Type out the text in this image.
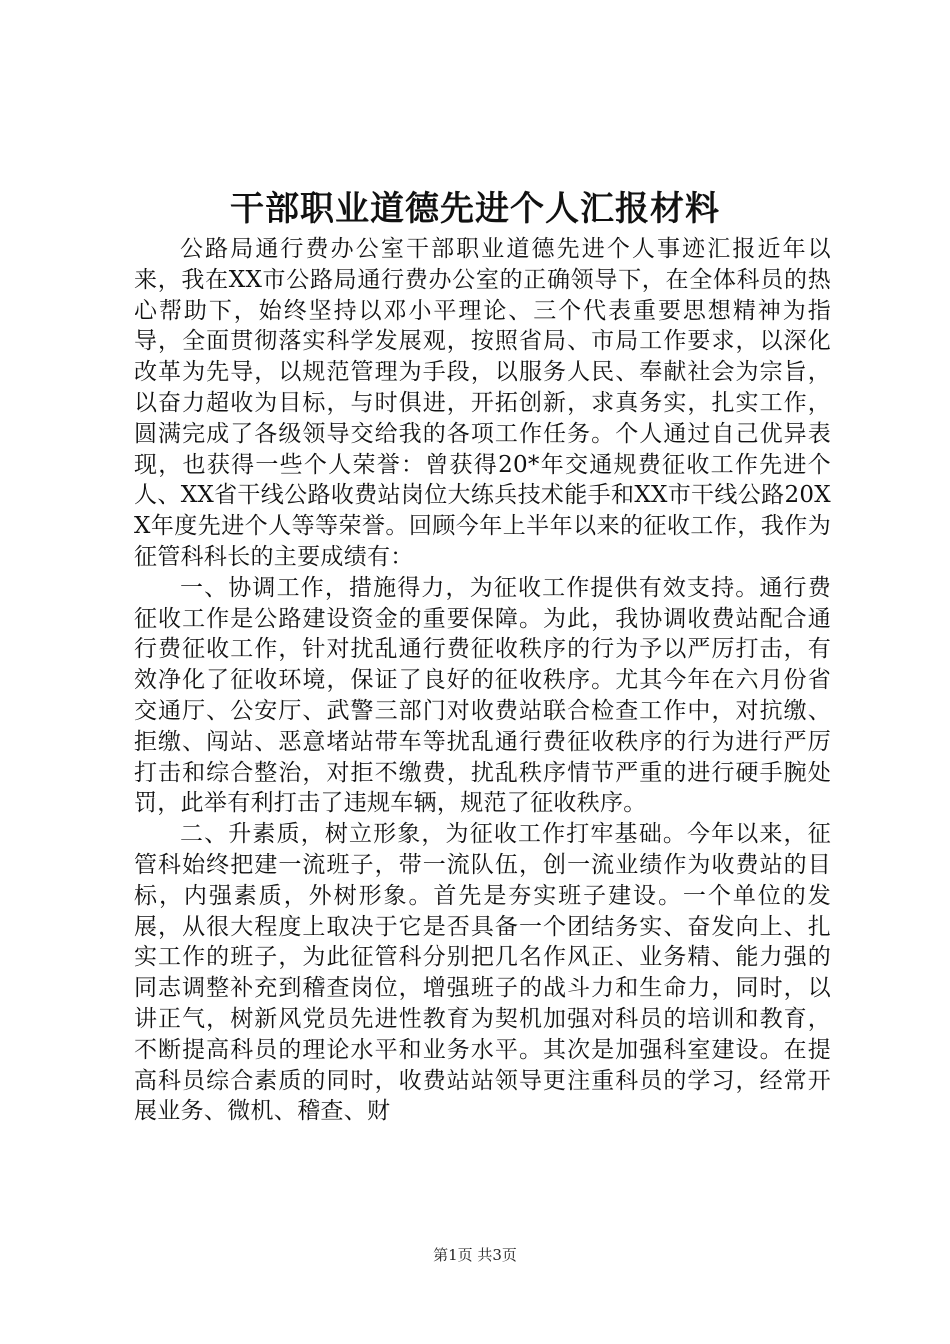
干部职业道德先进个人汇报材料

公路局通行费办公室干部职业道德先进个人事迹汇报近年以来，我在XX市公路局通行费办公室的正确领导下，在全体科员的热心帮助下，始终坚持以邓小平理论、三个代表重要思想精神为指导，全面贯彻落实科学发展观，按照省局、市局工作要求，以深化改革为先导，以规范管理为手段，以服务人民、奉献社会为宗旨，以奋力超收为目标，与时俱进，开拓创新，求真务实，扎实工作，圆满完成了各级领导交给我的各项工作任务。个人通过自己优异表现，也获得一些个人荣誉：曾获得20*年交通规费征收工作先进个人、XX省干线公路收费站岗位大练兵技术能手和XX市干线公路20XX年度先进个人等等荣誉。回顾今年上半年以来的征收工作，我作为征管科科长的主要成绩有：

一、协调工作，措施得力，为征收工作提供有效支持。通行费征收工作是公路建设资金的重要保障。为此，我协调收费站配合通行费征收工作，针对扰乱通行费征收秩序的行为予以严厉打击，有效净化了征收环境，保证了良好的征收秩序。尤其今年在六月份省交通厅、公安厅、武警三部门对收费站联合检查工作中，对抗缴、拒缴、闯站、恶意堵站带车等扰乱通行费征收秩序的行为进行严厉打击和综合整治，对拒不缴费，扰乱秩序情节严重的进行硬手腕处罚，此举有利打击了违规车辆，规范了征收秩序。

二、升素质，树立形象，为征收工作打牢基础。今年以来，征管科始终把建一流班子，带一流队伍，创一流业绩作为收费站的目标，内强素质，外树形象。首先是夯实班子建设。一个单位的发展，从很大程度上取决于它是否具备一个团结务实、奋发向上、扎实工作的班子，为此征管科分别把几名作风正、业务精、能力强的同志调整补充到稽查岗位，增强班子的战斗力和生命力，同时，以讲正气，树新风党员先进性教育为契机加强对科员的培训和教育，不断提高科员的理论水平和业务水平。其次是加强科室建设。在提高科员综合素质的同时，收费站站领导更注重科员的学习，经常开展业务、微机、稽查、财

第1页 共3页
